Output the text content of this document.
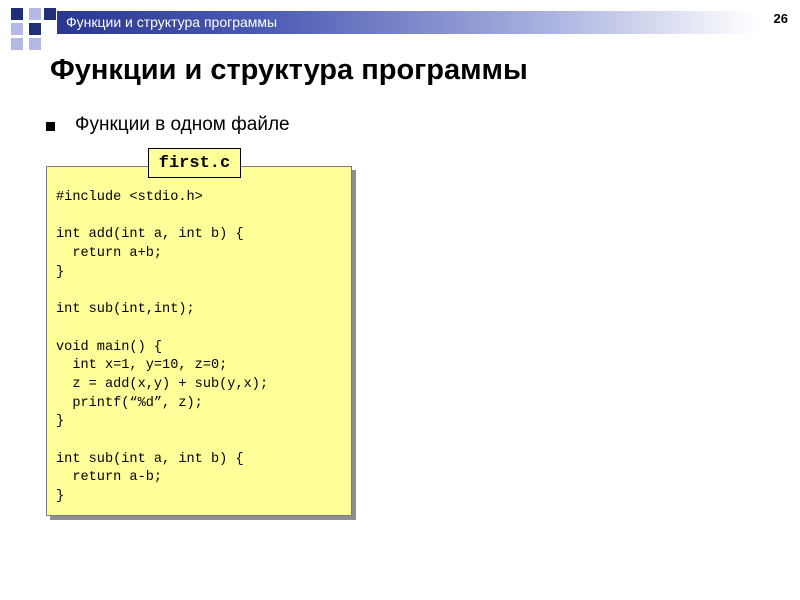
Функции и структура программы	26
Функции и структура программы
Функции в одном файле
#include <stdio.h>
int add(int a, int b) {
return a+b;
}
int sub(int,int);
void main() {
int x=1, y=10, z=0;
z = add(x,y) + sub(y,x);
printf(“%d”, z);
}
int sub(int a, int b) {
return a-b;
}
first.c
